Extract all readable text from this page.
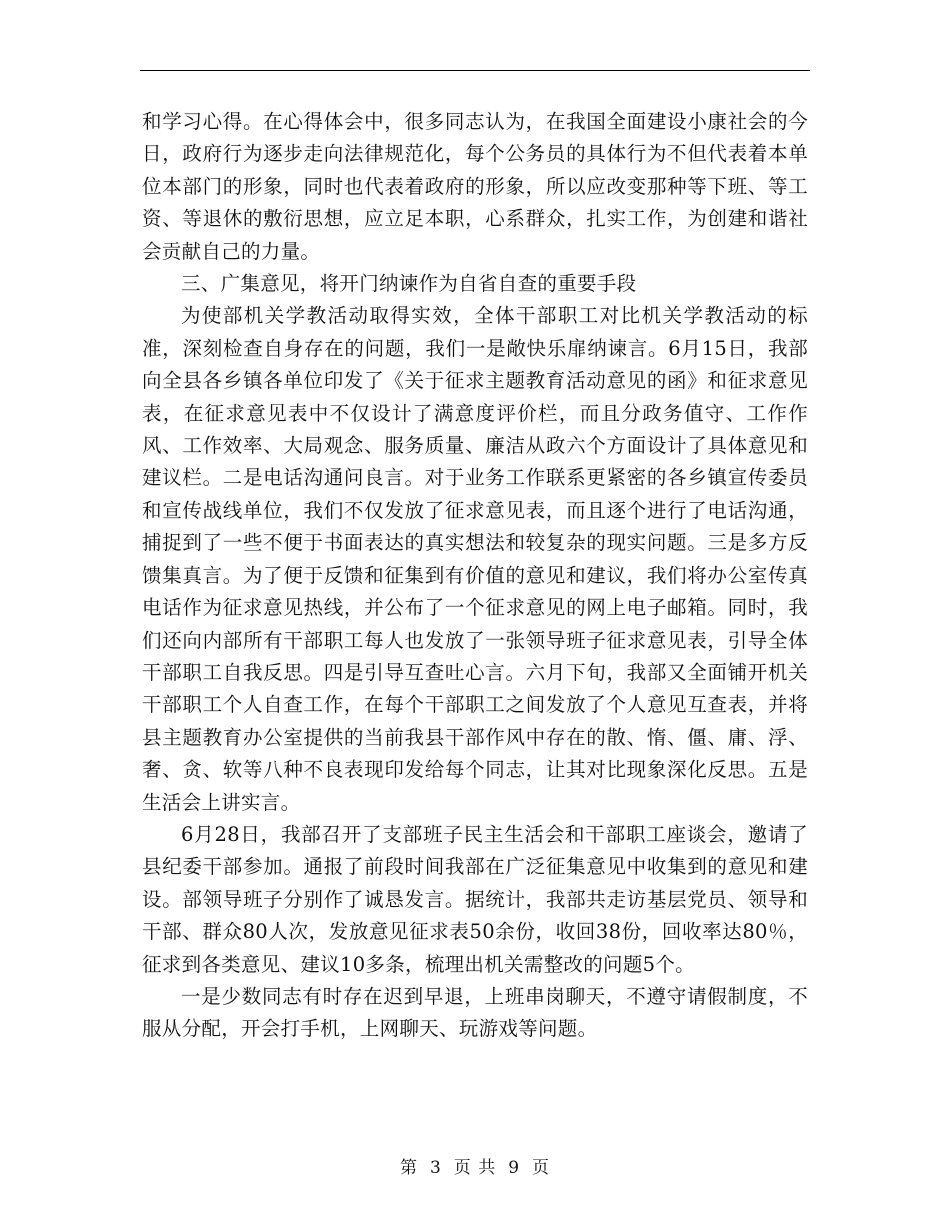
和学习心得。在心得体会中，很多同志认为，在我国全面建设小康社会的今日，政府行为逐步走向法律规范化，每个公务员的具体行为不但代表着本单位本部门的形象，同时也代表着政府的形象，所以应改变那种等下班、等工资、等退休的敷衍思想，应立足本职，心系群众，扎实工作，为创建和谐社会贡献自己的力量。

三、广集意见，将开门纳谏作为自省自查的重要手段

为使部机关学教活动取得实效，全体干部职工对比机关学教活动的标准，深刻检查自身存在的问题，我们一是敞快乐扉纳谏言。6月15日，我部向全县各乡镇各单位印发了《关于征求主题教育活动意见的函》和征求意见表，在征求意见表中不仅设计了满意度评价栏，而且分政务值守、工作作风、工作效率、大局观念、服务质量、廉洁从政六个方面设计了具体意见和建议栏。二是电话沟通问良言。对于业务工作联系更紧密的各乡镇宣传委员和宣传战线单位，我们不仅发放了征求意见表，而且逐个进行了电话沟通，捕捉到了一些不便于书面表达的真实想法和较复杂的现实问题。三是多方反馈集真言。为了便于反馈和征集到有价值的意见和建议，我们将办公室传真电话作为征求意见热线，并公布了一个征求意见的网上电子邮箱。同时，我们还向内部所有干部职工每人也发放了一张领导班子征求意见表，引导全体干部职工自我反思。四是引导互查吐心言。六月下旬，我部又全面铺开机关干部职工个人自查工作，在每个干部职工之间发放了个人意见互查表，并将县主题教育办公室提供的当前我县干部作风中存在的散、惰、僵、庸、浮、奢、贪、软等八种不良表现印发给每个同志，让其对比现象深化反思。五是生活会上讲实言。

6月28日，我部召开了支部班子民主生活会和干部职工座谈会，邀请了县纪委干部参加。通报了前段时间我部在广泛征集意见中收集到的意见和建设。部领导班子分别作了诚恳发言。据统计，我部共走访基层党员、领导和干部、群众80人次，发放意见征求表50余份，收回38份，回收率达80％，征求到各类意见、建议10多条，梳理出机关需整改的问题5个。

一是少数同志有时存在迟到早退，上班串岗聊天，不遵守请假制度，不服从分配，开会打手机，上网聊天、玩游戏等问题。

第 3 页 共 9 页
